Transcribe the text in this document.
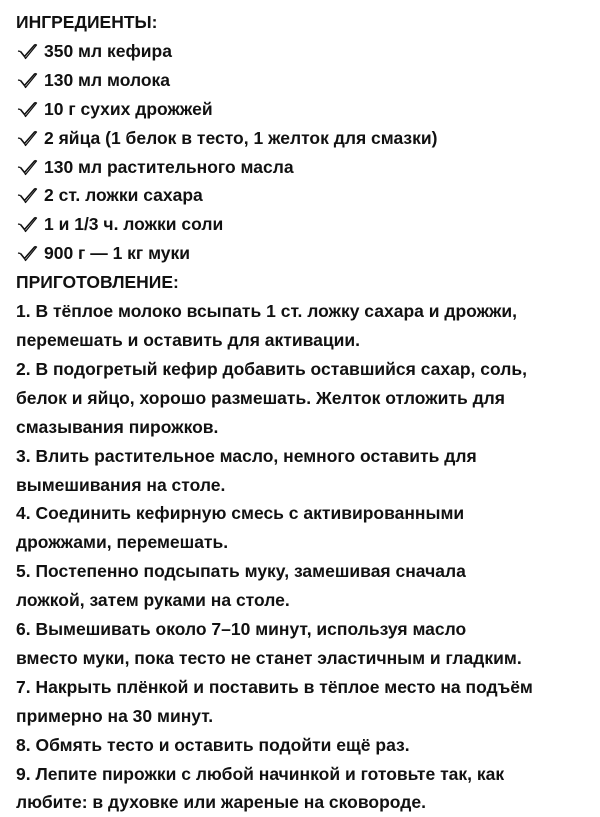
ИНГРЕДИЕНТЫ:
350 мл кефира
130 мл молока
10 г сухих дрожжей
2 яйца (1 белок в тесто, 1 желток для смазки)
130 мл растительного масла
2 ст. ложки сахара
1 и 1/3 ч. ложки соли
900 г — 1 кг муки
ПРИГОТОВЛЕНИЕ:
1. В тёплое молоко всыпать 1 ст. ложку сахара и дрожжи,
перемешать и оставить для активации.
2. В подогретый кефир добавить оставшийся сахар, соль,
белок и яйцо, хорошо размешать. Желток отложить для
смазывания пирожков.
3. Влить растительное масло, немного оставить для
вымешивания на столе.
4. Соединить кефирную смесь с активированными
дрожжами, перемешать.
5. Постепенно подсыпать муку, замешивая сначала
ложкой, затем руками на столе.
6. Вымешивать около 7–10 минут, используя масло
вместо муки, пока тесто не станет эластичным и гладким.
7. Накрыть плёнкой и поставить в тёплое место на подъём
примерно на 30 минут.
8. Обмять тесто и оставить подойти ещё раз.
9. Лепите пирожки с любой начинкой и готовьте так, как
любите: в духовке или жареные на сковороде.
